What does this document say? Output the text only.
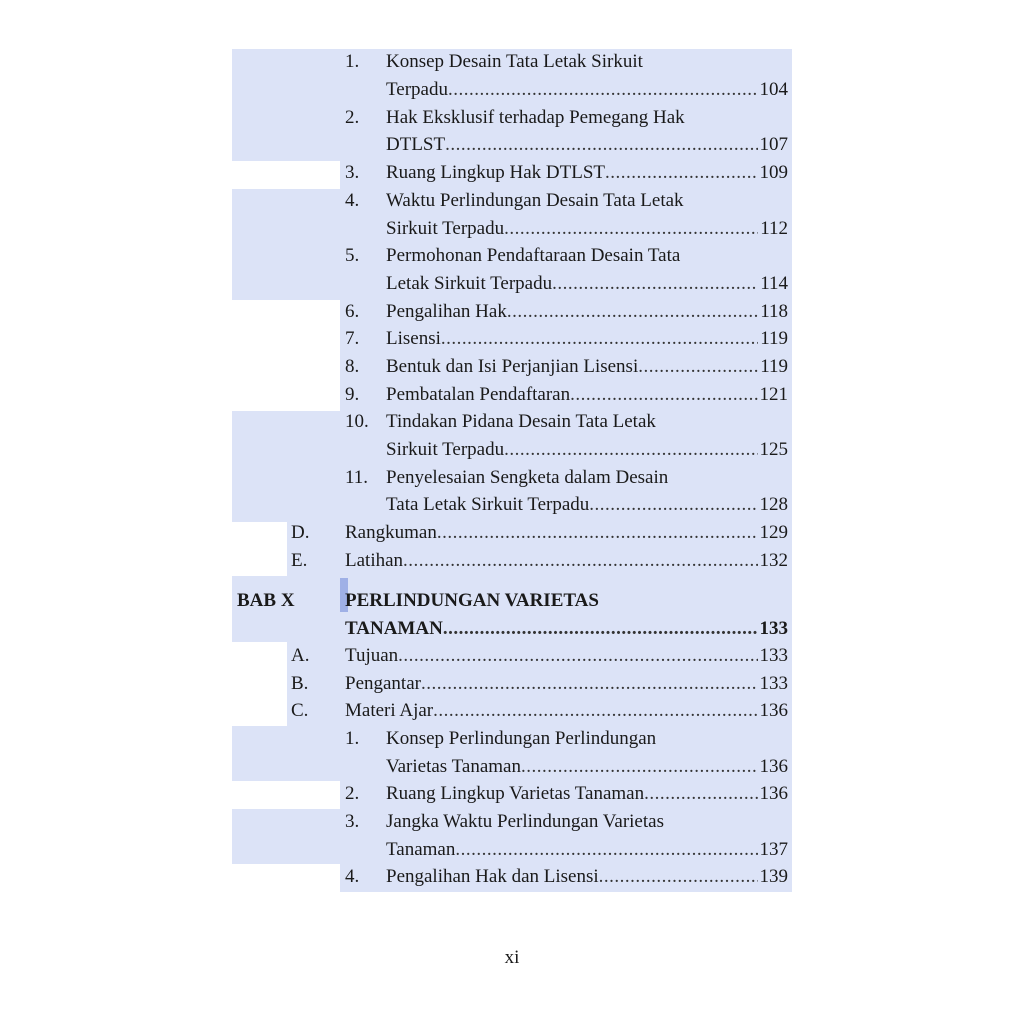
1. Konsep Desain Tata Letak Sirkuit
Terpadu .....	104
2. Hak Eksklusif terhadap Pemegang Hak
DTLST .....	107
3. Ruang Lingkup Hak DTLST .....	109
4. Waktu Perlindungan Desain Tata Letak
Sirkuit Terpadu .....	112
5. Permohonan Pendaftaraan Desain Tata
Letak Sirkuit Terpadu .....	114
6. Pengalihan Hak .....	118
7. Lisensi .....	119
8. Bentuk dan Isi Perjanjian Lisensi .....	119
9. Pembatalan Pendaftaran .....	121
10. Tindakan Pidana Desain Tata Letak
Sirkuit Terpadu .....	125
11. Penyelesaian Sengketa dalam Desain
Tata Letak Sirkuit Terpadu .....	128
D. Rangkuman .....	129
E. Latihan .....	132
BAB X	PERLINDUNGAN VARIETAS
TANAMAN .....	133
A. Tujuan .....	133
B. Pengantar .....	133
C. Materi Ajar .....	136
1. Konsep Perlindungan Perlindungan
Varietas Tanaman .....	136
2. Ruang Lingkup Varietas Tanaman .....	136
3. Jangka Waktu Perlindungan Varietas
Tanaman .....	137
4. Pengalihan Hak dan Lisensi .....	139
xi
